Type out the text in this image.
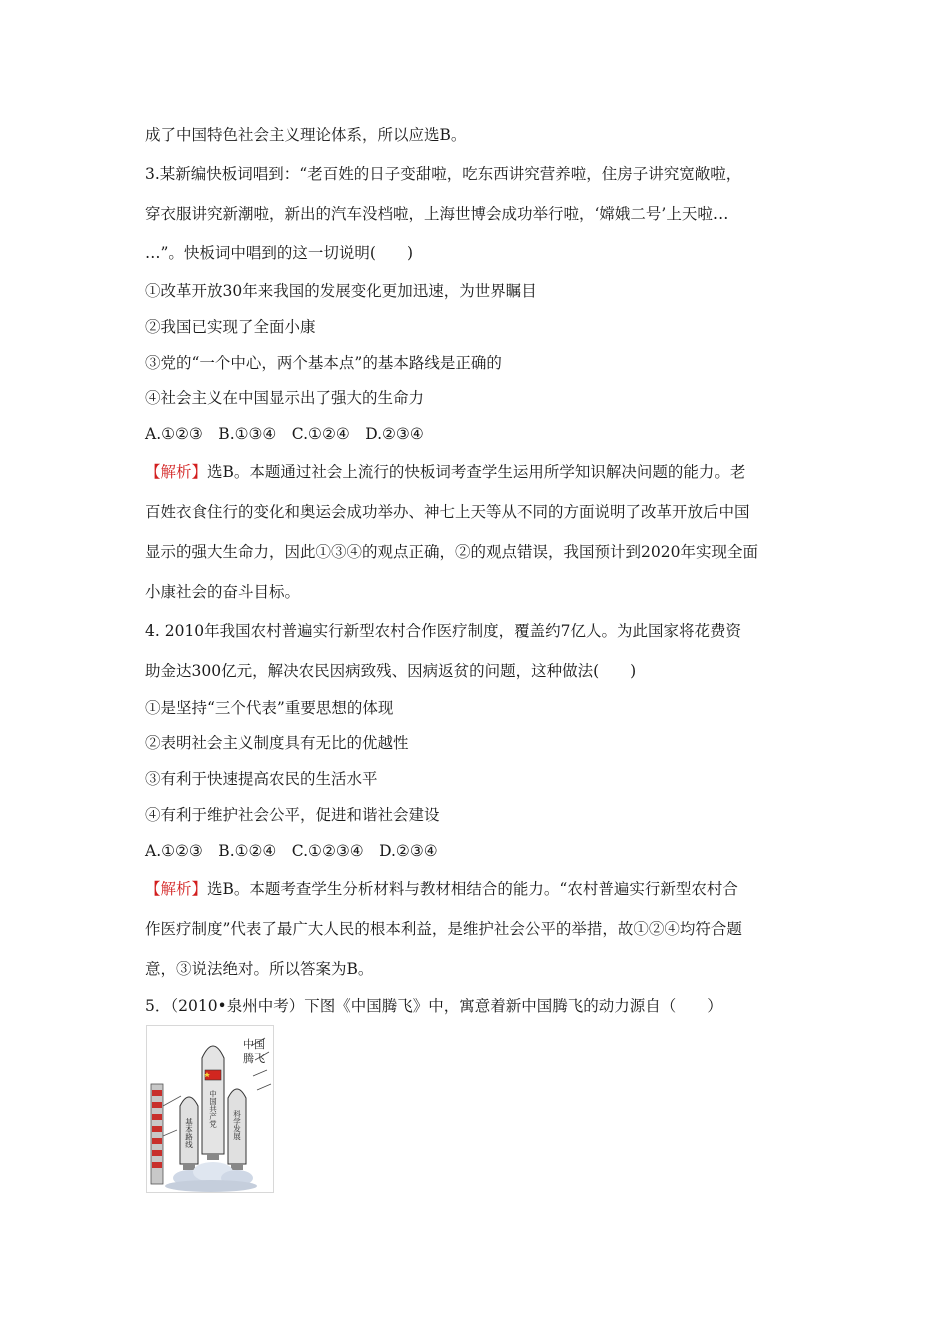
成了中国特色社会主义理论体系，所以应选B。
3.某新编快板词唱到：“老百姓的日子变甜啦，吃东西讲究营养啦，住房子讲究宽敞啦，
穿衣服讲究新潮啦，新出的汽车没档啦，上海世博会成功举行啦，‘嫦娥二号’上天啦…
…”。快板词中唱到的这一切说明(　　)
①改革开放30年来我国的发展变化更加迅速，为世界瞩目
②我国已实现了全面小康
③党的“一个中心，两个基本点”的基本路线是正确的
④社会主义在中国显示出了强大的生命力
A.①②③　B.①③④　C.①②④　D.②③④
【解析】选B。本题通过社会上流行的快板词考查学生运用所学知识解决问题的能力。老
百姓衣食住行的变化和奥运会成功举办、神七上天等从不同的方面说明了改革开放后中国
显示的强大生命力，因此①③④的观点正确，②的观点错误，我国预计到2020年实现全面
小康社会的奋斗目标。
4. 2010年我国农村普遍实行新型农村合作医疗制度，覆盖约7亿人。为此国家将花费资
助金达300亿元，解决农民因病致残、因病返贫的问题，这种做法(　　)
①是坚持“三个代表”重要思想的体现
②表明社会主义制度具有无比的优越性
③有利于快速提高农民的生活水平
④有利于维护社会公平，促进和谐社会建设
A.①②③　B.①②④　C.①②③④　D.②③④
【解析】选B。本题考查学生分析材料与教材相结合的能力。“农村普遍实行新型农村合
作医疗制度”代表了最广大人民的根本利益，是维护社会公平的举措，故①②④均符合题
意，③说法绝对。所以答案为B。
5．（2010•泉州中考）下图《中国腾飞》中，寓意着新中国腾飞的动力源自（　　）
中国
腾飞
中国共产党
基本路线	科学发展
